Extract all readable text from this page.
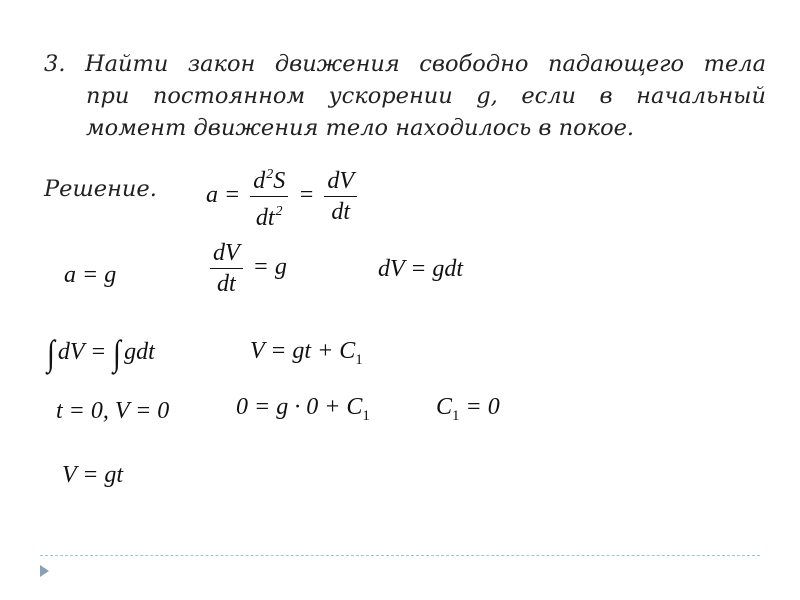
3. Найти закон движения свободно падающего тела
при постоянном ускорении g, если в начальный
момент движения тело находилось в покое.
Решение. $a = \frac{d^2S}{dt^2} = \frac{dV}{dt}$
a = g	$\frac{dV}{dt} = g$	dV = gdt
∫ dV = ∫ gdt	V = gt + $C_1$
t = 0, V = 0	$0 = g \cdot 0 + C_1$	$C_1 = 0$
V = gt
